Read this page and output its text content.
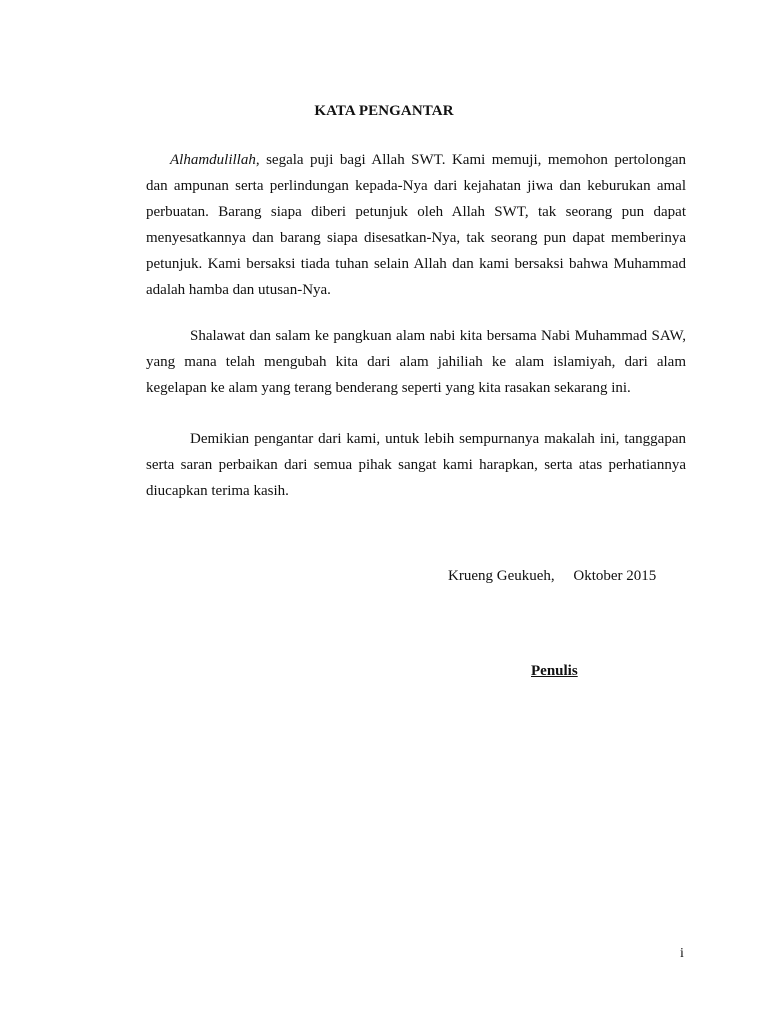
KATA PENGANTAR
Alhamdulillah, segala puji bagi Allah SWT. Kami memuji, memohon pertolongan dan ampunan serta perlindungan kepada-Nya dari kejahatan jiwa dan keburukan amal perbuatan. Barang siapa diberi petunjuk oleh Allah SWT, tak seorang pun dapat menyesatkannya dan barang siapa disesatkan-Nya, tak seorang pun dapat memberinya petunjuk. Kami bersaksi tiada tuhan selain Allah dan kami bersaksi bahwa Muhammad adalah hamba dan utusan-Nya.
Shalawat dan salam ke pangkuan alam nabi kita bersama Nabi Muhammad SAW, yang mana telah mengubah kita dari alam jahiliah ke alam islamiyah, dari alam kegelapan ke alam yang terang benderang seperti yang kita rasakan sekarang ini.
Demikian pengantar dari kami, untuk lebih sempurnanya makalah ini, tanggapan serta saran perbaikan dari semua pihak sangat kami harapkan, serta atas perhatiannya diucapkan terima kasih.
Krueng Geukueh,     Oktober 2015
Penulis
i
